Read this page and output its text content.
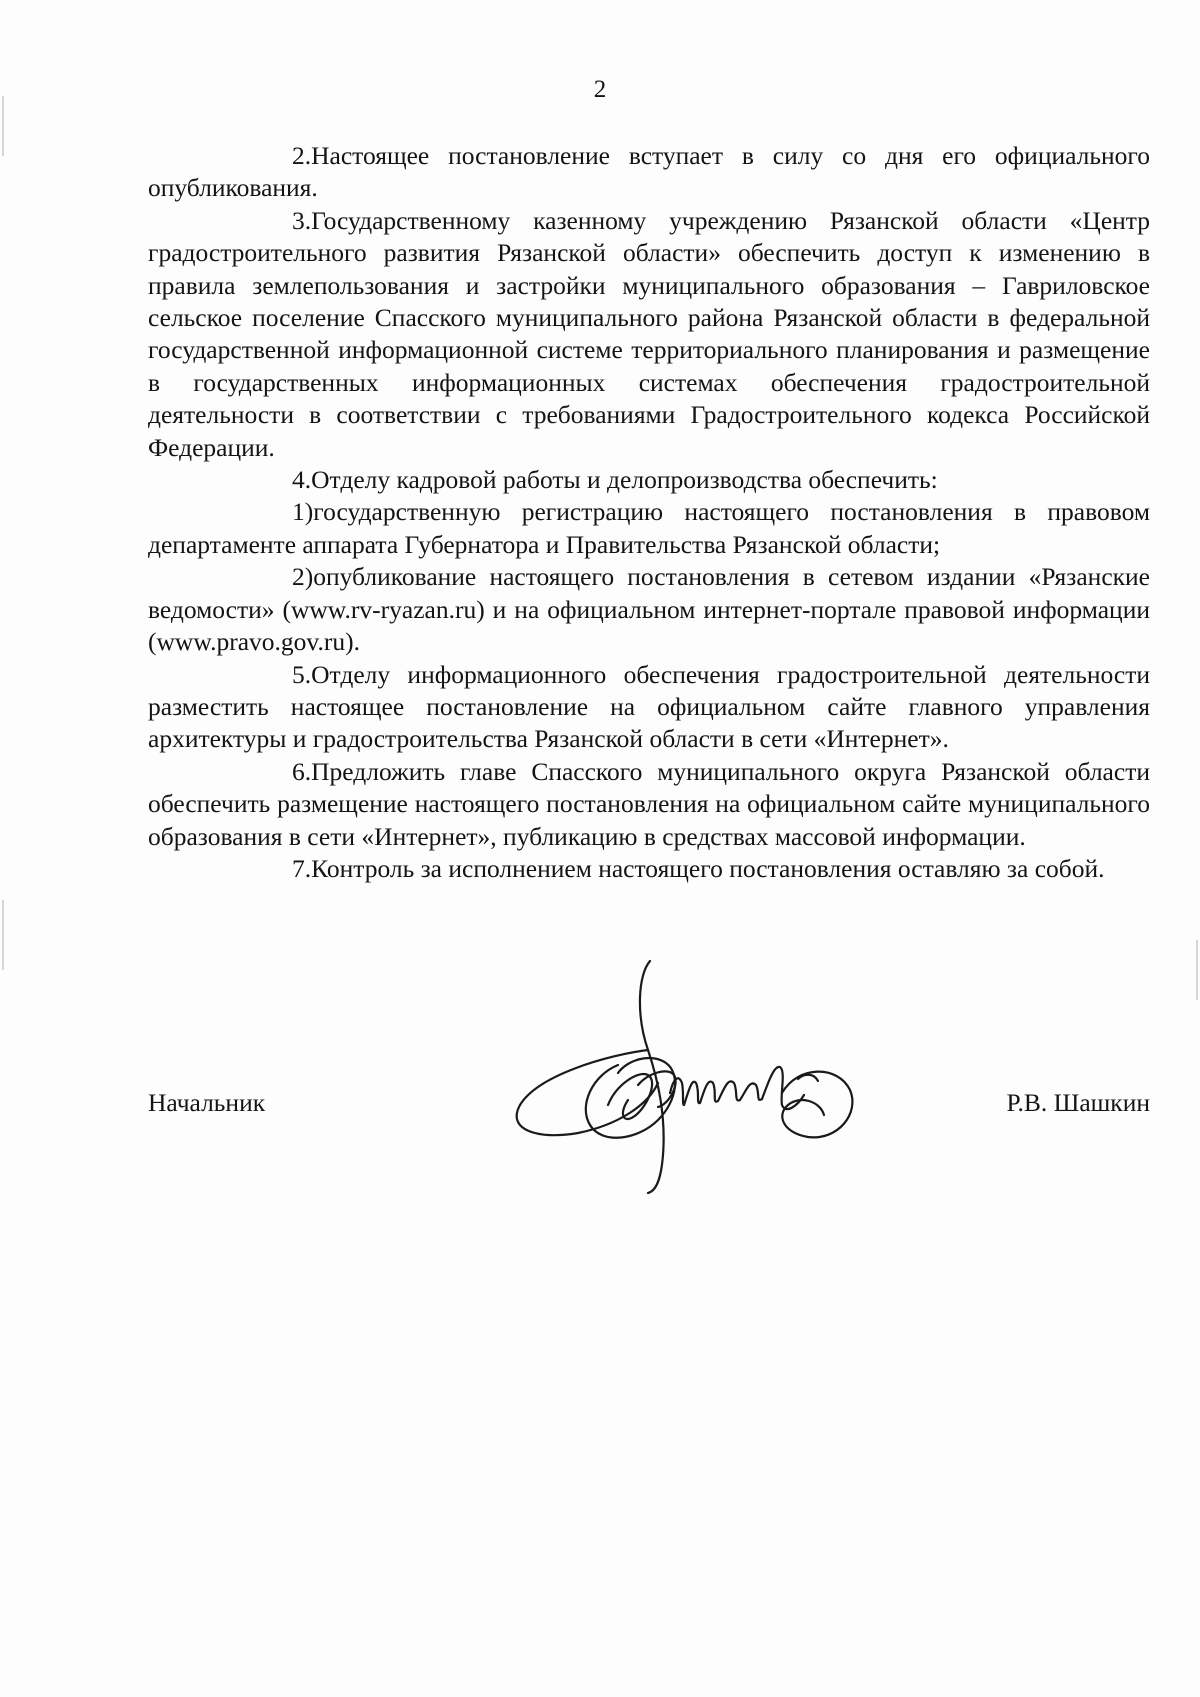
2

2.Настоящее постановление вступает в силу со дня его официального опубликования.

3.Государственному казенному учреждению Рязанской области «Центр градостроительного развития Рязанской области» обеспечить доступ к изменению в правила землепользования и застройки муниципального образования – Гавриловское сельское поселение Спасского муниципального района Рязанской области в федеральной государственной информационной системе территориального планирования и размещение в государственных информационных системах обеспечения градостроительной деятельности в соответствии с требованиями Градостроительного кодекса Российской Федерации.

4.Отделу кадровой работы и делопроизводства обеспечить:

1)государственную регистрацию настоящего постановления в правовом департаменте аппарата Губернатора и Правительства Рязанской области;

2)опубликование настоящего постановления в сетевом издании «Рязанские ведомости» (www.rv-ryazan.ru) и на официальном интернет-портале правовой информации (www.pravo.gov.ru).

5.Отделу информационного обеспечения градостроительной деятельности разместить настоящее постановление на официальном сайте главного управления архитектуры и градостроительства Рязанской области в сети «Интернет».

6.Предложить главе Спасского муниципального округа Рязанской области обеспечить размещение настоящего постановления на официальном сайте муниципального образования в сети «Интернет», публикацию в средствах массовой информации.

7.Контроль за исполнением настоящего постановления оставляю за собой.

Начальник	Р.В. Шашкин
